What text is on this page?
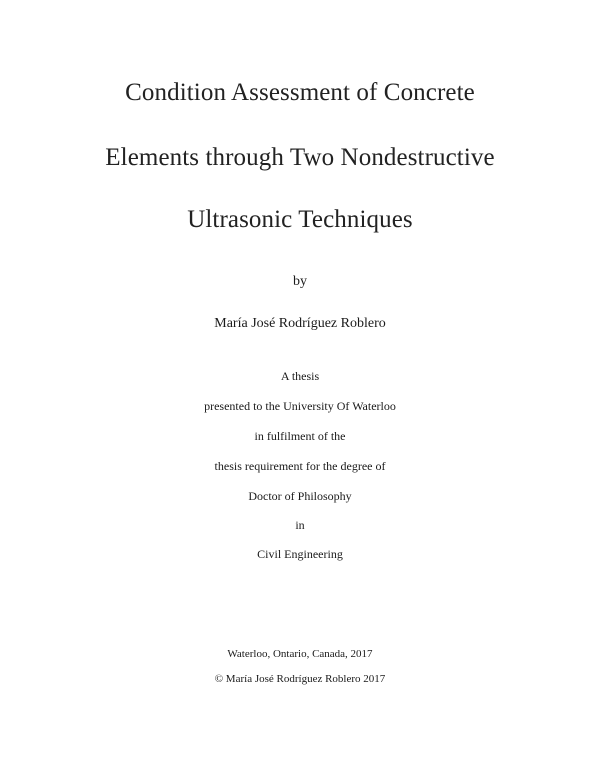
Condition Assessment of Concrete
Elements through Two Nondestructive
Ultrasonic Techniques
by
María José Rodríguez Roblero
A thesis
presented to the University Of Waterloo
in fulfilment of the
thesis requirement for the degree of
Doctor of Philosophy
in
Civil Engineering
Waterloo, Ontario, Canada, 2017
© María José Rodríguez Roblero 2017
